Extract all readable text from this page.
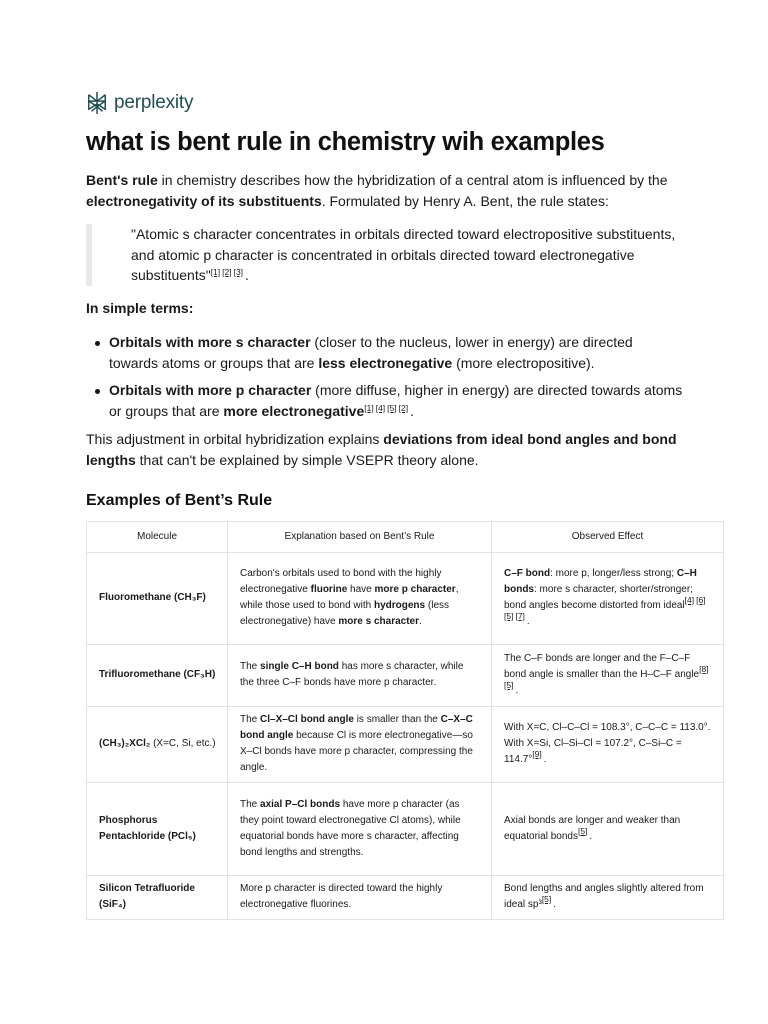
perplexity
what is bent rule in chemistry wih examples

Bent's rule in chemistry describes how the hybridization of a central atom is influenced by the electronegativity of its substituents. Formulated by Henry A. Bent, the rule states:

"Atomic s character concentrates in orbitals directed toward electropositive substituents, and atomic p character is concentrated in orbitals directed toward electronegative substituents"[1] [2] [3] .
In simple terms:
Orbitals with more s character (closer to the nucleus, lower in energy) are directed towards atoms or groups that are less electronegative (more electropositive).
Orbitals with more p character (more diffuse, higher in energy) are directed towards atoms or groups that are more electronegative[1] [4] [5] [2] .

This adjustment in orbital hybridization explains deviations from ideal bond angles and bond lengths that can't be explained by simple VSEPR theory alone.

Examples of Bent’s Rule
Molecule	Explanation based on Bent’s Rule	Observed Effect
Fluoromethane (CH₃F)	Carbon's orbitals used to bond with the highly electronegative fluorine have more p character, while those used to bond with hydrogens (less electronegative) have more s character.	C–F bond: more p, longer/less strong; C–H bonds: more s character, shorter/stronger; bond angles become distorted from ideal[4] [6][5] [7] .
Trifluoromethane (CF₃H)	The single C–H bond has more s character, while the three C–F bonds have more p character.	The C–F bonds are longer and the F–C–F bond angle is smaller than the H–C–F angle[8][5] .
(CH₃)₂XCl₂ (X=C, Si, etc.)	The Cl–X–Cl bond angle is smaller than the C–X–C bond angle because Cl is more electronegative—so X–Cl bonds have more p character, compressing the angle.	With X=C, Cl–C–Cl = 108.3°, C–C–C = 113.0°. With X=Si, Cl–Si–Cl = 107.2°, C–Si–C = 114.7°[9] .
Phosphorus Pentachloride (PCl₅)	The axial P–Cl bonds have more p character (as they point toward electronegative Cl atoms), while equatorial bonds have more s character, affecting bond lengths and strengths.	Axial bonds are longer and weaker than equatorial bonds[5] .
Silicon Tetrafluoride (SiF₄)	More p character is directed toward the highly electronegative fluorines.	Bond lengths and angles slightly altered from ideal sp³[5] .
